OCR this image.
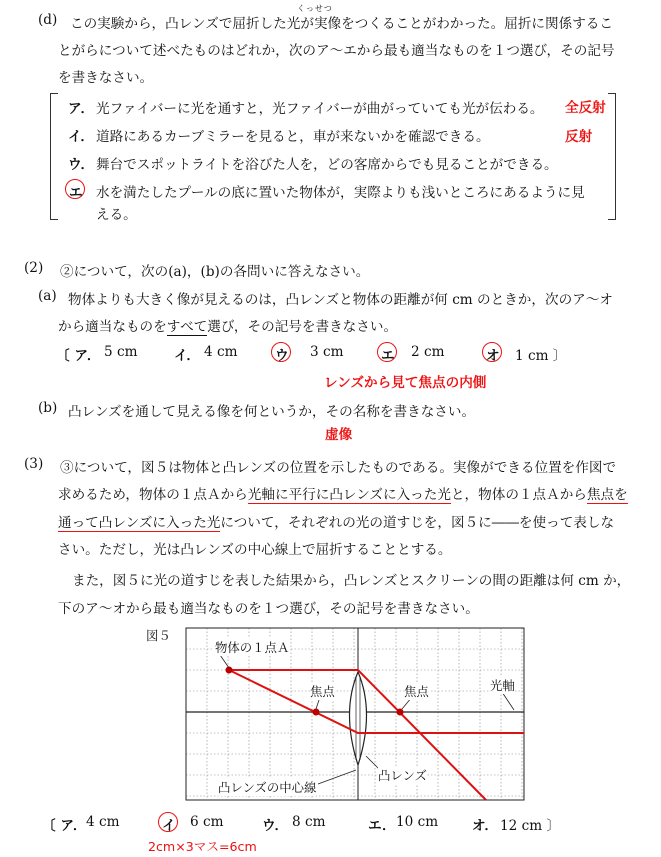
くっせつ
(d) この実験から，凸レンズで屈折した光が実像をつくることがわかった。屈折に関係するこ
とがらについて述べたものはどれか，次のア～エから最も適当なものを１つ選び，その記号
を書きなさい。
ア． 光ファイバーに光を通すと，光ファイバーが曲がっていても光が伝わる。 全反射
イ． 道路にあるカーブミラーを見ると，車が来ないかを確認できる。	反射
ウ． 舞台でスポットライトを浴びた人を，どの客席からでも見ることができる。
エ 水を満たしたプールの底に置いた物体が，実際よりも浅いところにあるように見
える。
(2) ②について，次の(a)，(b)の各問いに答えなさい。
(a) 物体よりも大きく像が見えるのは，凸レンズと物体の距離が何 cm のときか，次のア～オ
から適当なものをすべて選び，その記号を書きなさい。
〔 ア． 5 cm	イ． 4 cm	ウ 3 cm	エ 2 cm	オ 1 cm 〕
レンズから見て焦点の内側
(b) 凸レンズを通して見える像を何というか，その名称を書きなさい。
虚像
(3) ③について，図５は物体と凸レンズの位置を示したものである。実像ができる位置を作図で
求めるため，物体の１点Ａから光軸に平行に凸レンズに入った光と，物体の１点Ａから焦点を
通って凸レンズに入った光について，それぞれの光の道すじを，図５に――を使って表しな
さい。ただし，光は凸レンズの中心線上で屈折することとする。
また，図５に光の道すじを表した結果から，凸レンズとスクリーンの間の距離は何 cm か，
下のア～オから最も適当なものを１つ選び，その記号を書きなさい。
図５
物体の１点Ａ
焦点	焦点	光軸
凸レンズ
凸レンズの中心線
〔 ア． 4 cm	イ 6 cm	ウ． 8 cm	エ． 10 cm オ． 12 cm 〕
2cm×3マス=6cm
